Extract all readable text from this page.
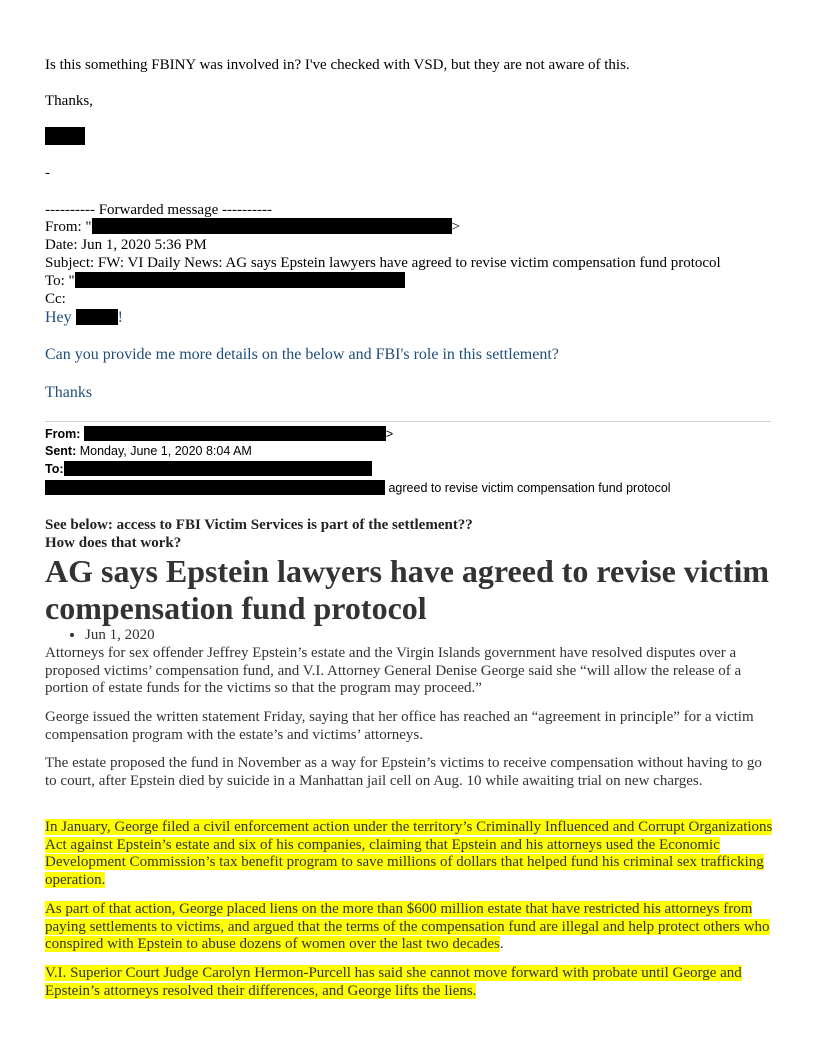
Is this something FBINY was involved in? I've checked with VSD, but they are not aware of this.
Thanks,
-
---------- Forwarded message ----------
From: "	>
Date: Jun 1, 2020 5:36 PM
Subject: FW: VI Daily News: AG says Epstein lawyers have agreed to revise victim compensation fund protocol
To: "
Cc:
Hey	!
Can you provide me more details on the below and FBI's role in this settlement?
Thanks
From:	>
Sent: Monday, June 1, 2020 8:04 AM
To:
agreed to revise victim compensation fund protocol
See below: access to FBI Victim Services is part of the settlement??
How does that work?
AG says Epstein lawyers have agreed to revise victim compensation fund protocol
• Jun 1, 2020
Attorneys for sex offender Jeffrey Epstein’s estate and the Virgin Islands government have resolved disputes over a proposed victims’ compensation fund, and V.I. Attorney General Denise George said she “will allow the release of a portion of estate funds for the victims so that the program may proceed.”
George issued the written statement Friday, saying that her office has reached an “agreement in principle” for a victim compensation program with the estate’s and victims’ attorneys.
The estate proposed the fund in November as a way for Epstein’s victims to receive compensation without having to go to court, after Epstein died by suicide in a Manhattan jail cell on Aug. 10 while awaiting trial on new charges.
In January, George filed a civil enforcement action under the territory’s Criminally Influenced and Corrupt Organizations Act against Epstein’s estate and six of his companies, claiming that Epstein and his attorneys used the Economic Development Commission’s tax benefit program to save millions of dollars that helped fund his criminal sex trafficking operation.
As part of that action, George placed liens on the more than $600 million estate that have restricted his attorneys from paying settlements to victims, and argued that the terms of the compensation fund are illegal and help protect others who conspired with Epstein to abuse dozens of women over the last two decades.
V.I. Superior Court Judge Carolyn Hermon-Purcell has said she cannot move forward with probate until George and Epstein’s attorneys resolved their differences, and George lifts the liens.
